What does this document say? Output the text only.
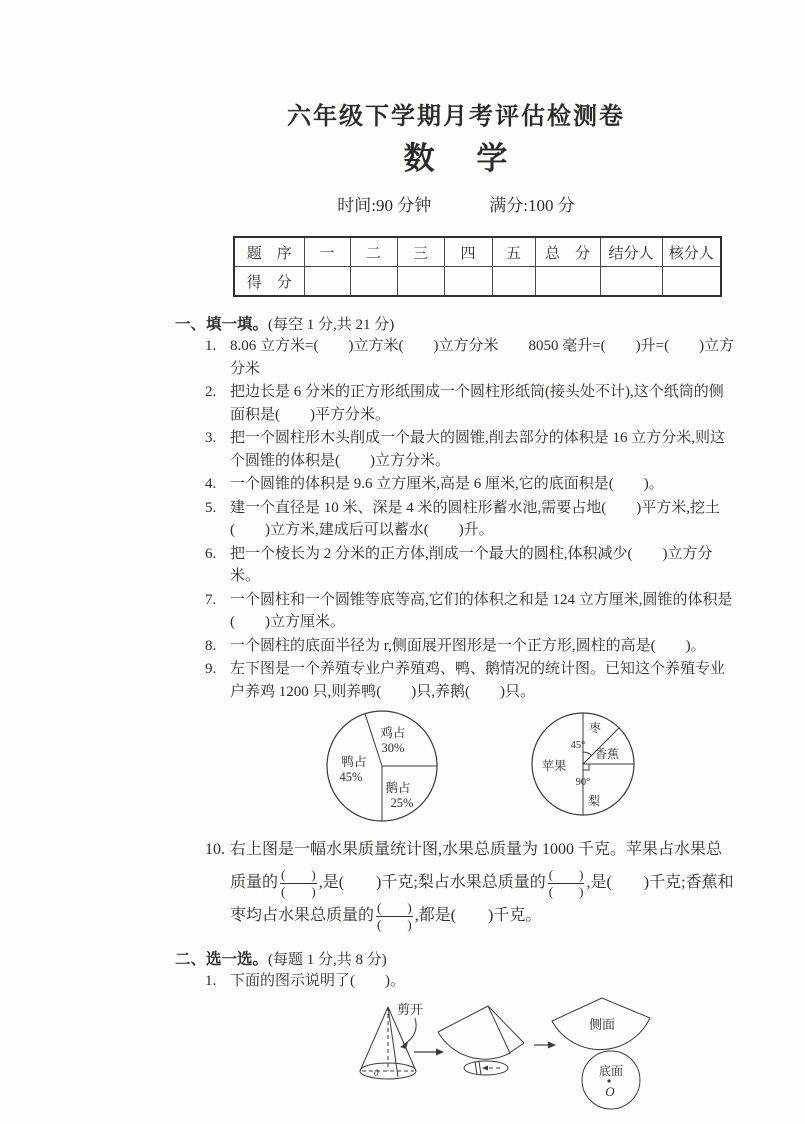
六年级下学期月考评估检测卷
数　 学
时间:90 分钟	满分:100 分
题　序	一	二	三	四	五	总　分	结分人	核分人
得　分								
一、填一填。(每空 1 分,共 21 分)
1. 8.06 立方米=(　　)立方米(　　)立方分米　　8050 毫升=(　　)升=(　　)立方分米
2. 把边长是 6 分米的正方形纸围成一个圆柱形纸筒(接头处不计),这个纸筒的侧面积是(　　)平方分米。
3. 把一个圆柱形木头削成一个最大的圆锥,削去部分的体积是 16 立方分米,则这个圆锥的体积是(　　)立方分米。
4. 一个圆锥的体积是 9.6 立方厘米,高是 6 厘米,它的底面积是(　　)。
5. 建一个直径是 10 米、深是 4 米的圆柱形蓄水池,需要占地(　　)平方米,挖土(　　)立方米,建成后可以蓄水(　　)升。
6. 把一个棱长为 2 分米的正方体,削成一个最大的圆柱,体积减少(　　)立方分米。
7. 一个圆柱和一个圆锥等底等高,它们的体积之和是 124 立方厘米,圆锥的体积是(　　)立方厘米。
8. 一个圆柱的底面半径为 r,侧面展开图形是一个正方形,圆柱的高是(　　)。
9. 左下图是一个养殖专业户养殖鸡、鸭、鹅情况的统计图。已知这个养殖专业户养鸡 1200 只,则养鸭(　　)只,养鹅(　　)只。
鸡占
30%
鸭占
45%
鹅占
25%
枣
45°
香蕉
苹果
90°
梨
10. 右上图是一幅水果质量统计图,水果总质量为 1000 千克。苹果占水果总质量的 $\frac{( )}{( )}$ ,是(　　)千克;梨占水果总质量的 $\frac{( )}{( )}$ ,是(　　)千克;香蕉和枣均占水果总质量的 $\frac{( )}{( )}$ ,都是(　　)千克。
二、选一选。(每题 1 分,共 8 分)
1. 下面的图示说明了(　　)。
0
剪开
侧面
底面
O
